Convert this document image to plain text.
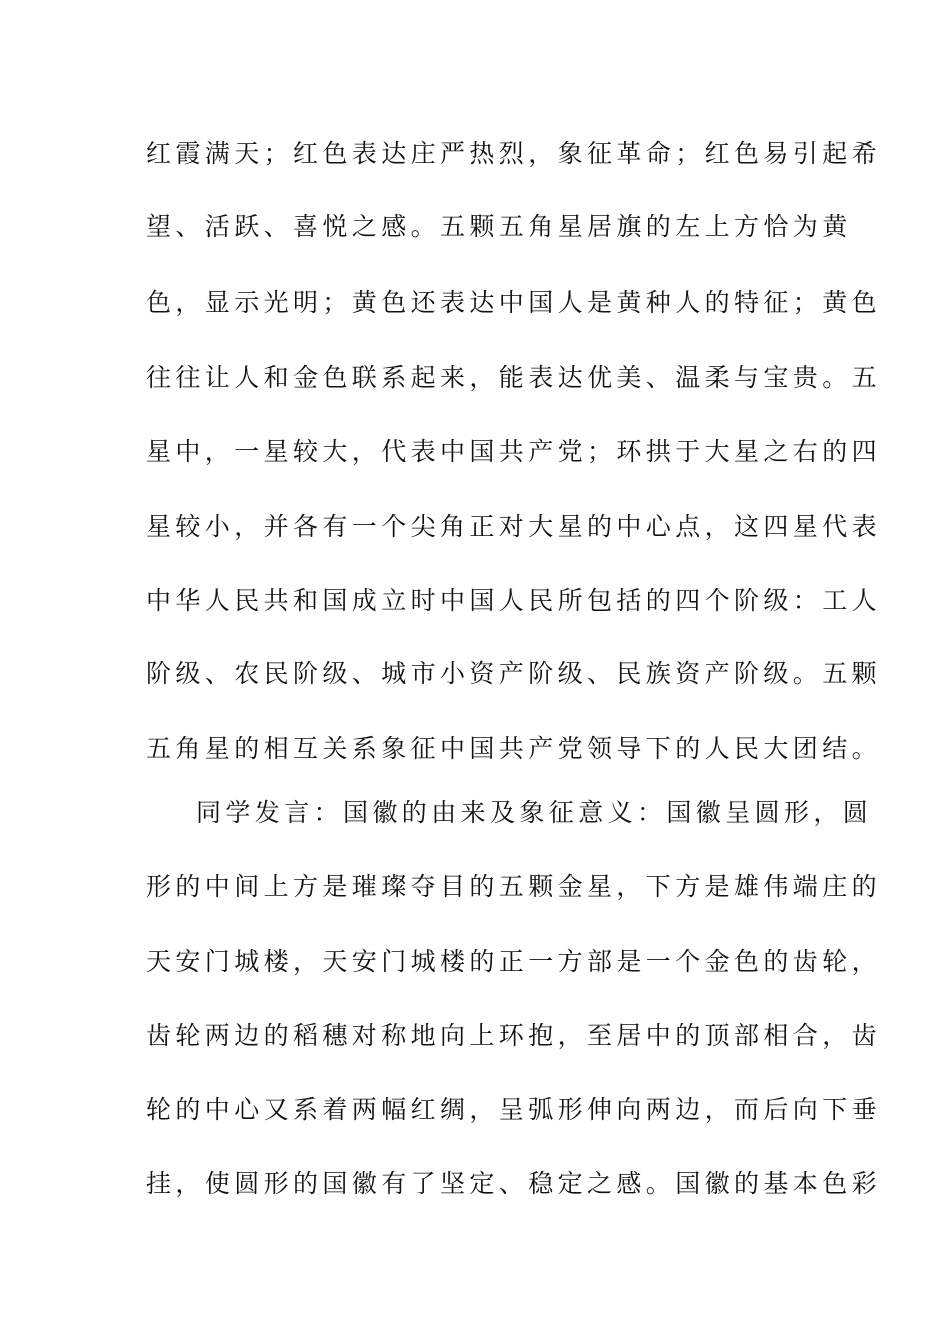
红霞满天；红色表达庄严热烈，象征革命；红色易引起希
望、活跃、喜悦之感。五颗五角星居旗的左上方恰为黄
色，显示光明；黄色还表达中国人是黄种人的特征；黄色
往往让人和金色联系起来，能表达优美、温柔与宝贵。五
星中，一星较大，代表中国共产党；环拱于大星之右的四
星较小，并各有一个尖角正对大星的中心点，这四星代表
中华人民共和国成立时中国人民所包括的四个阶级：工人
阶级、农民阶级、城市小资产阶级、民族资产阶级。五颗
五角星的相互关系象征中国共产党领导下的人民大团结。
同学发言：国徽的由来及象征意义：国徽呈圆形，圆
形的中间上方是璀璨夺目的五颗金星，下方是雄伟端庄的
天安门城楼，天安门城楼的正一方部是一个金色的齿轮，
齿轮两边的稻穗对称地向上环抱，至居中的顶部相合，齿
轮的中心又系着两幅红绸，呈弧形伸向两边，而后向下垂
挂，使圆形的国徽有了坚定、稳定之感。国徽的基本色彩
